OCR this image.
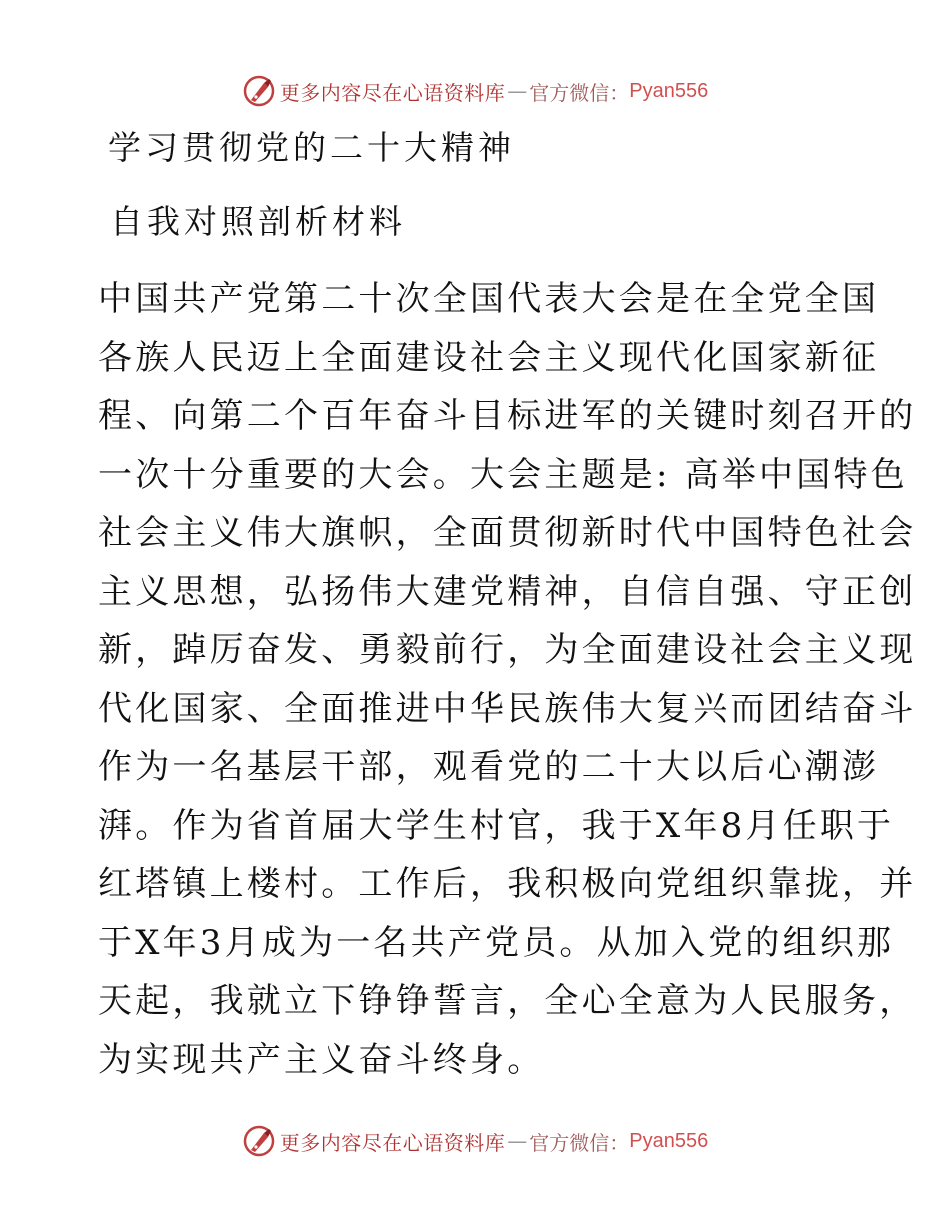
更多内容尽在心语资料库 — 官方微信： Pyan556
学习贯彻党的二十大精神
自我对照剖析材料
中国共产党第二十次全国代表大会是在全党全国
各族人民迈上全面建设社会主义现代化国家新征
程、向第二个百年奋斗目标进军的关键时刻召开的
一次十分重要的大会。大会主题是: 高举中国特色
社会主义伟大旗帜，全面贯彻新时代中国特色社会
主义思想，弘扬伟大建党精神，自信自强、守正创
新，踔厉奋发、勇毅前行，为全面建设社会主义现
代化国家、全面推进中华民族伟大复兴而团结奋斗
作为一名基层干部，观看党的二十大以后心潮澎
湃。作为省首届大学生村官，我于X年8月任职于
红塔镇上楼村。工作后，我积极向党组织靠拢，并
于X年3月成为一名共产党员。从加入党的组织那
天起，我就立下铮铮誓言，全心全意为人民服务，
为实现共产主义奋斗终身。
更多内容尽在心语资料库 — 官方微信： Pyan556
